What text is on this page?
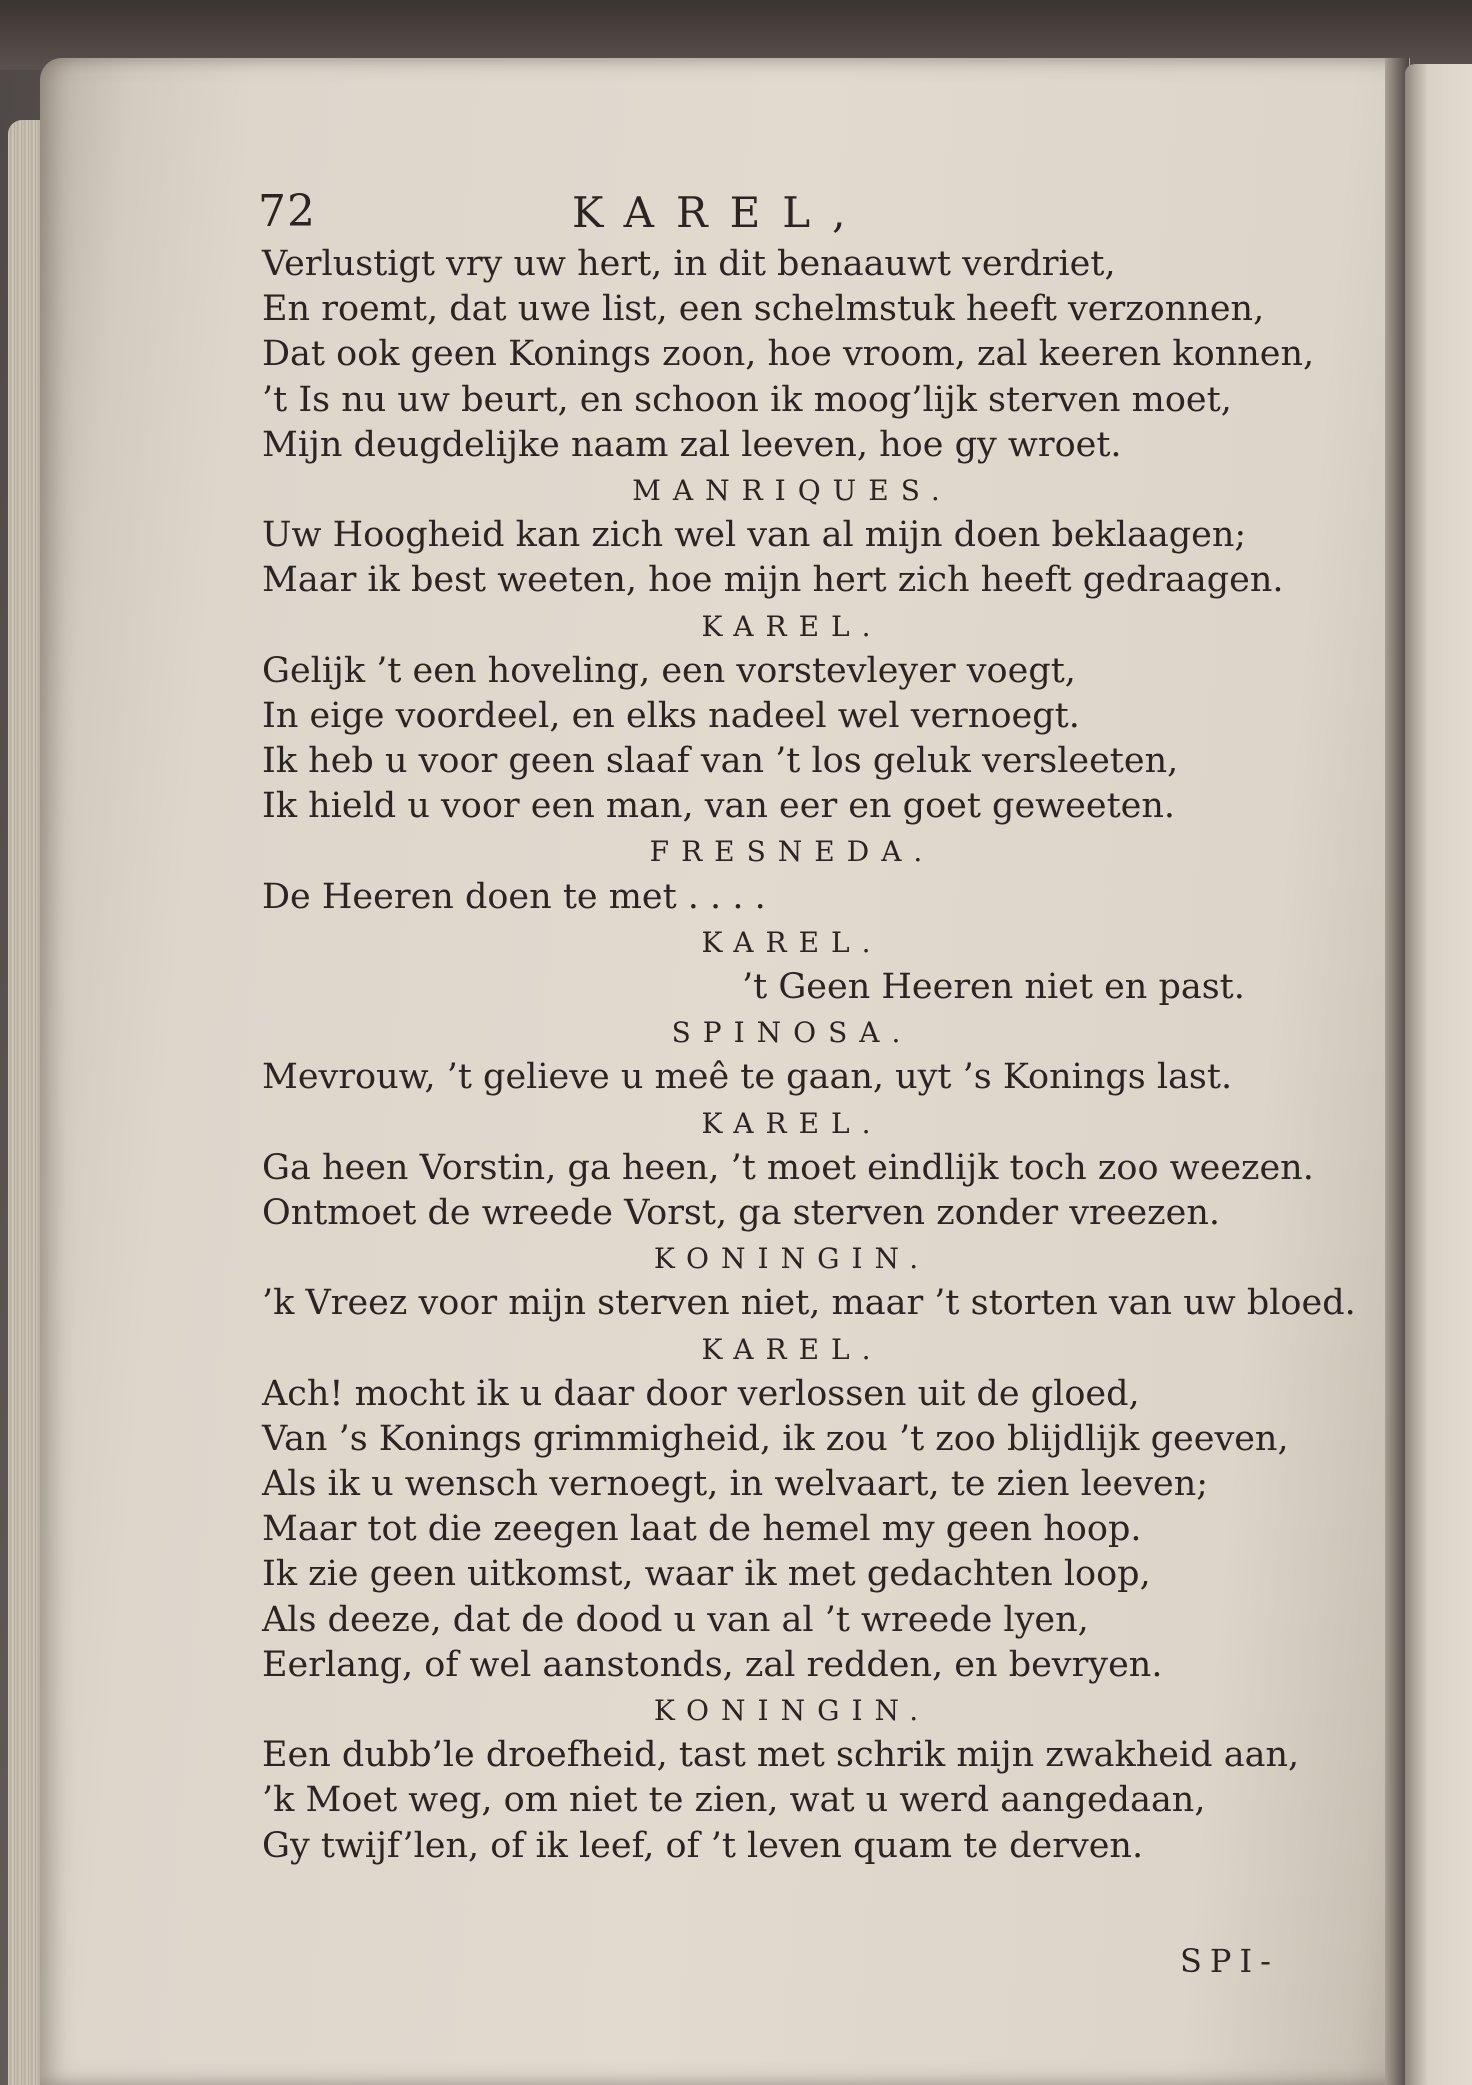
72	KAREL,
Verlustigt vry uw hert, in dit benaauwt verdriet,
En roemt, dat uwe list, een schelmstuk heeft verzonnen,
Dat ook geen Konings zoon, hoe vroom, zal keeren konnen,
’t Is nu uw beurt, en schoon ik moog’lijk sterven moet,
Mijn deugdelijke naam zal leeven, hoe gy wroet.
MANRIQUES.
Uw Hoogheid kan zich wel van al mijn doen beklaagen;
Maar ik best weeten, hoe mijn hert zich heeft gedraagen.
KAREL.
Gelijk ’t een hoveling, een vorstevleyer voegt,
In eige voordeel, en elks nadeel wel vernoegt.
Ik heb u voor geen slaaf van ’t los geluk versleeten,
Ik hield u voor een man, van eer en goet geweeten.
FRESNEDA.
De Heeren doen te met . . . .
KAREL.
’t Geen Heeren niet en past.
SPINOSA.
Mevrouw, ’t gelieve u meê te gaan, uyt ’s Konings last.
KAREL.
Ga heen Vorstin, ga heen, ’t moet eindlijk toch zoo weezen.
Ontmoet de wreede Vorst, ga sterven zonder vreezen.
KONINGIN.
’k Vreez voor mijn sterven niet, maar ’t storten van uw bloed.
KAREL.
Ach! mocht ik u daar door verlossen uit de gloed,
Van ’s Konings grimmigheid, ik zou ’t zoo blijdlijk geeven,
Als ik u wensch vernoegt, in welvaart, te zien leeven;
Maar tot die zeegen laat de hemel my geen hoop.
Ik zie geen uitkomst, waar ik met gedachten loop,
Als deeze, dat de dood u van al ’t wreede lyen,
Eerlang, of wel aanstonds, zal redden, en bevryen.
KONINGIN.
Een dubb’le droefheid, tast met schrik mijn zwakheid aan,
’k Moet weg, om niet te zien, wat u werd aangedaan,
Gy twijf’len, of ik leef, of ’t leven quam te derven.
SPI-
